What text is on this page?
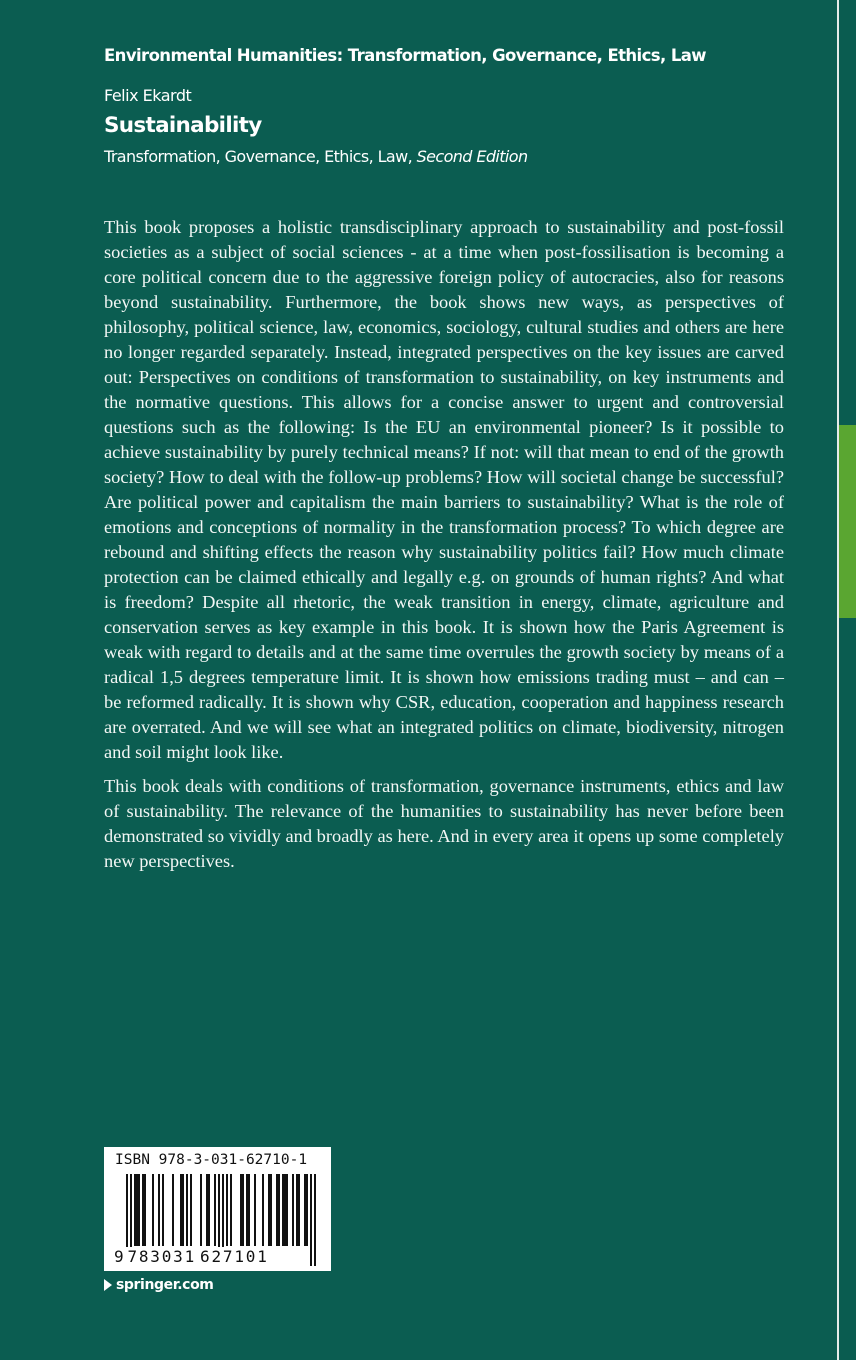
Environmental Humanities: Transformation, Governance, Ethics, Law
Felix Ekardt
Sustainability
Transformation, Governance, Ethics, Law, Second Edition

This book proposes a holistic transdisciplinary approach to sustainability and post-fossil societies as a subject of social sciences - at a time when post-fossilisation is becoming a core political concern due to the aggressive foreign policy of autocracies, also for reasons beyond sustainability. Furthermore, the book shows new ways, as perspectives of philosophy, political science, law, economics, sociology, cultural studies and others are here no longer regarded separately. Instead, integrated perspectives on the key issues are carved out: Perspectives on conditions of transformation to sustainability, on key instruments and the normative questions. This allows for a concise answer to urgent and controversial questions such as the following: Is the EU an environmental pioneer? Is it possible to achieve sustainability by purely technical means? If not: will that mean to end of the growth society? How to deal with the follow-up problems? How will societal change be successful? Are political power and capitalism the main barriers to sustainability? What is the role of emotions and conceptions of normality in the transformation process? To which degree are rebound and shifting effects the reason why sustainability politics fail? How much climate protection can be claimed ethically and legally e.g. on grounds of human rights? And what is freedom? Despite all rhetoric, the weak transition in energy, climate, agriculture and conservation serves as key example in this book. It is shown how the Paris Agreement is weak with regard to details and at the same time overrules the growth society by means of a radical 1,5 degrees temperature limit. It is shown how emissions trading must – and can – be reformed radically. It is shown why CSR, education, cooperation and happiness research are overrated. And we will see what an integrated politics on climate, biodiversity, nitrogen and soil might look like.

This book deals with conditions of transformation, governance instruments, ethics and law of sustainability. The relevance of the humanities to sustainability has never before been demonstrated so vividly and broadly as here. And in every area it opens up some completely new perspectives.

ISBN 978-3-031-62710-1
9 783031 627101
springer.com
